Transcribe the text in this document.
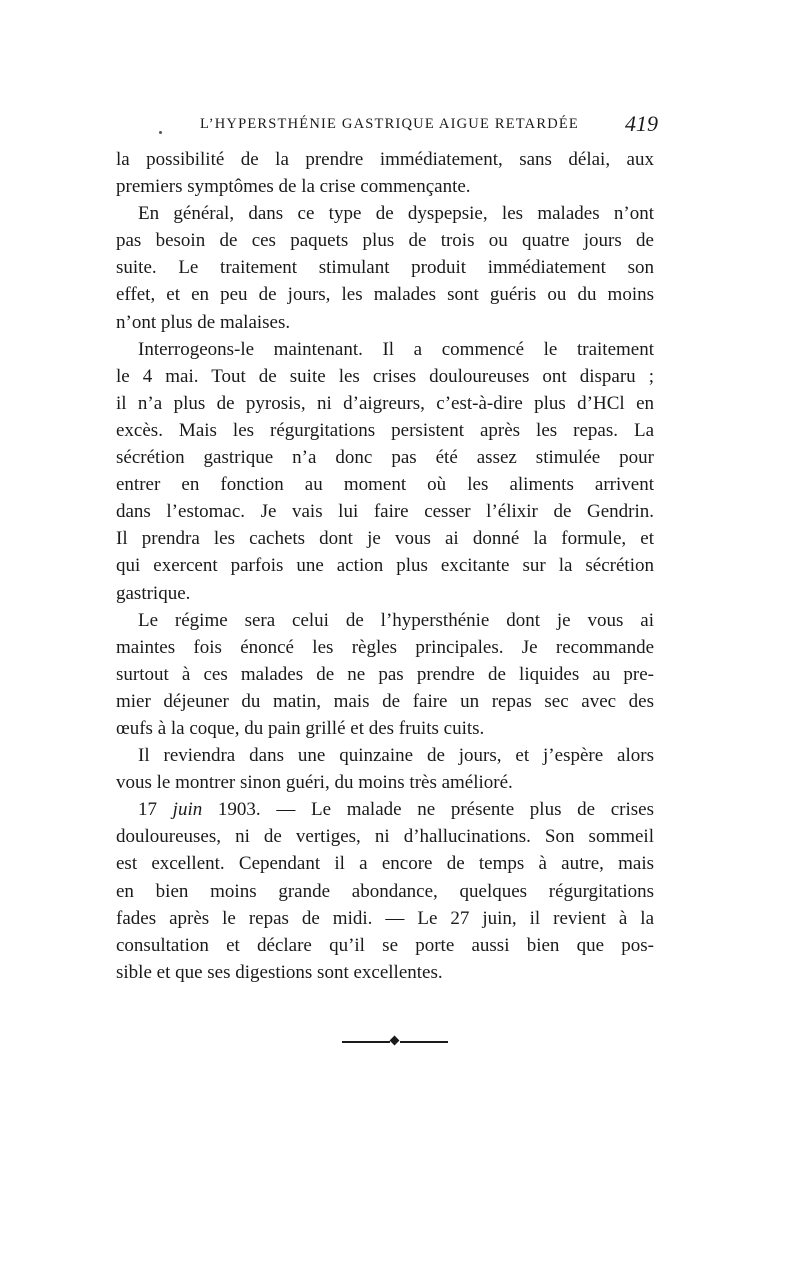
L’HYPERSTHÉNIE GASTRIQUE AIGUE RETARDÉE	419
la possibilité de la prendre immédiatement, sans délai, aux
premiers symptômes de la crise commençante.
En général, dans ce type de dyspepsie, les malades n’ont
pas besoin de ces paquets plus de trois ou quatre jours de
suite. Le traitement stimulant produit immédiatement son
effet, et en peu de jours, les malades sont guéris ou du moins
n’ont plus de malaises.
Interrogeons-le maintenant. Il a commencé le traitement
le 4 mai. Tout de suite les crises douloureuses ont disparu ;
il n’a plus de pyrosis, ni d’aigreurs, c’est-à-dire plus d’HCl en
excès. Mais les régurgitations persistent après les repas. La
sécrétion gastrique n’a donc pas été assez stimulée pour
entrer en fonction au moment où les aliments arrivent
dans l’estomac. Je vais lui faire cesser l’élixir de Gendrin.
Il prendra les cachets dont je vous ai donné la formule, et
qui exercent parfois une action plus excitante sur la sécrétion
gastrique.
Le régime sera celui de l’hypersthénie dont je vous ai
maintes fois énoncé les règles principales. Je recommande
surtout à ces malades de ne pas prendre de liquides au pre-
mier déjeuner du matin, mais de faire un repas sec avec des
œufs à la coque, du pain grillé et des fruits cuits.
Il reviendra dans une quinzaine de jours, et j’espère alors
vous le montrer sinon guéri, du moins très amélioré.
17 juin 1903. — Le malade ne présente plus de crises
douloureuses, ni de vertiges, ni d’hallucinations. Son sommeil
est excellent. Cependant il a encore de temps à autre, mais
en bien moins grande abondance, quelques régurgitations
fades après le repas de midi. — Le 27 juin, il revient à la
consultation et déclare qu’il se porte aussi bien que pos-
sible et que ses digestions sont excellentes.
